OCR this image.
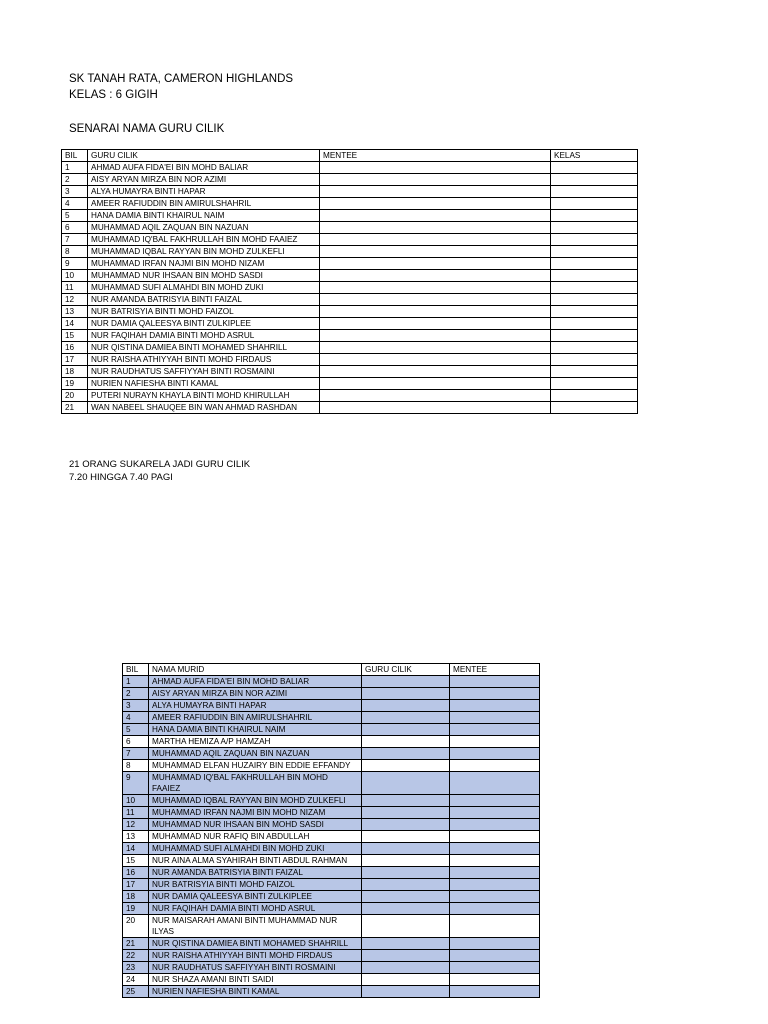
SK TANAH RATA, CAMERON HIGHLANDS
KELAS : 6 GIGIH
SENARAI NAMA GURU CILIK
BIL	GURU CILIK	MENTEE	KELAS
1	AHMAD AUFA FIDA'EI BIN MOHD BALIAR		
2	AISY ARYAN MIRZA BIN NOR AZIMI		
3	ALYA HUMAYRA BINTI HAPAR		
4	AMEER RAFIUDDIN BIN AMIRULSHAHRIL		
5	HANA DAMIA BINTI KHAIRUL NAIM		
6	MUHAMMAD AQIL ZAQUAN BIN NAZUAN		
7	MUHAMMAD IQ'BAL FAKHRULLAH BIN MOHD FAAIEZ		
8	MUHAMMAD IQBAL RAYYAN BIN MOHD ZULKEFLI		
9	MUHAMMAD IRFAN NAJMI BIN MOHD NIZAM		
10	MUHAMMAD NUR IHSAAN BIN MOHD SASDI		
11	MUHAMMAD SUFI ALMAHDI BIN MOHD ZUKI		
12	NUR AMANDA BATRISYIA BINTI FAIZAL		
13	NUR BATRISYIA BINTI MOHD FAIZOL		
14	NUR DAMIA QALEESYA BINTI ZULKIPLEE		
15	NUR FAQIHAH DAMIA BINTI MOHD ASRUL		
16	NUR QISTINA DAMIEA BINTI MOHAMED SHAHRILL		
17	NUR RAISHA ATHIYYAH BINTI MOHD FIRDAUS		
18	NUR RAUDHATUS SAFFIYYAH BINTI ROSMAINI		
19	NURIEN NAFIESHA BINTI KAMAL		
20	PUTERI NURAYN KHAYLA BINTI MOHD KHIRULLAH		
21	WAN NABEEL SHAUQEE BIN WAN AHMAD RASHDAN		
21 ORANG SUKARELA JADI GURU CILIK
7.20 HINGGA 7.40 PAGI
BIL	NAMA MURID	GURU CILIK	MENTEE
1	AHMAD AUFA FIDA'EI BIN MOHD BALIAR		
2	AISY ARYAN MIRZA BIN NOR AZIMI		
3	ALYA HUMAYRA BINTI HAPAR		
4	AMEER RAFIUDDIN BIN AMIRULSHAHRIL		
5	HANA DAMIA BINTI KHAIRUL NAIM		
6	MARTHA HEMIZA A/P HAMZAH		
7	MUHAMMAD AQIL ZAQUAN BIN NAZUAN		
8	MUHAMMAD ELFAN HUZAIRY BIN EDDIE EFFANDY		
9	MUHAMMAD IQ'BAL FAKHRULLAH BIN MOHD FAAIEZ		
10	MUHAMMAD IQBAL RAYYAN BIN MOHD ZULKEFLI		
11	MUHAMMAD IRFAN NAJMI BIN MOHD NIZAM		
12	MUHAMMAD NUR IHSAAN BIN MOHD SASDI		
13	MUHAMMAD NUR RAFIQ BIN ABDULLAH		
14	MUHAMMAD SUFI ALMAHDI BIN MOHD ZUKI		
15	NUR AINA ALMA SYAHIRAH BINTI ABDUL RAHMAN		
16	NUR AMANDA BATRISYIA BINTI FAIZAL		
17	NUR BATRISYIA BINTI MOHD FAIZOL		
18	NUR DAMIA QALEESYA BINTI ZULKIPLEE		
19	NUR FAQIHAH DAMIA BINTI MOHD ASRUL		
20	NUR MAISARAH AMANI BINTI MUHAMMAD NUR ILYAS		
21	NUR QISTINA DAMIEA BINTI MOHAMED SHAHRILL		
22	NUR RAISHA ATHIYYAH BINTI MOHD FIRDAUS		
23	NUR RAUDHATUS SAFFIYYAH BINTI ROSMAINI		
24	NUR SHAZA AMANI BINTI SAIDI		
25	NURIEN NAFIESHA BINTI KAMAL		
